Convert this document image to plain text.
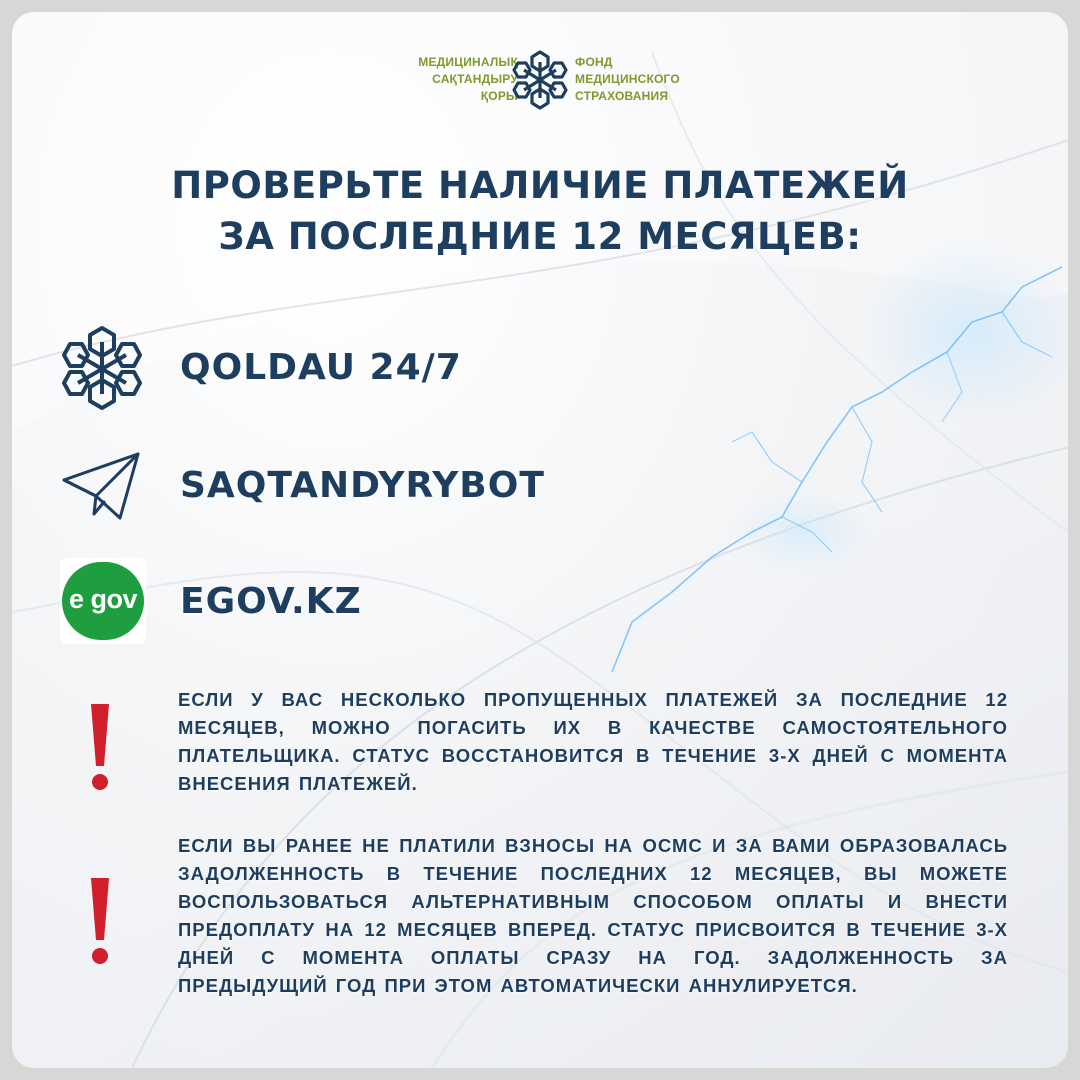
МЕДИЦИНАЛЫҚ
САҚТАНДЫРУ
ҚОРЫ
ФОНД
МЕДИЦИНСКОГО
СТРАХОВАНИЯ
ПРОВЕРЬТЕ НАЛИЧИЕ ПЛАТЕЖЕЙ
ЗА ПОСЛЕДНИЕ 12 МЕСЯЦЕВ:
QOLDAU 24/7
SAQTANDYRYBOT
e gov EGOV.KZ
ЕСЛИ У ВАС НЕСКОЛЬКО ПРОПУЩЕННЫХ ПЛАТЕЖЕЙ ЗА ПОСЛЕДНИЕ 12 МЕСЯЦЕВ, МОЖНО ПОГАСИТЬ ИХ В КАЧЕСТВЕ САМОСТОЯТЕЛЬНОГО ПЛАТЕЛЬЩИКА. СТАТУС ВОССТАНОВИТСЯ В ТЕЧЕНИЕ 3-Х ДНЕЙ С МОМЕНТА ВНЕСЕНИЯ ПЛАТЕЖЕЙ.
ЕСЛИ ВЫ РАНЕЕ НЕ ПЛАТИЛИ ВЗНОСЫ НА ОСМС И ЗА ВАМИ ОБРАЗОВАЛАСЬ ЗАДОЛЖЕННОСТЬ В ТЕЧЕНИЕ ПОСЛЕДНИХ 12 МЕСЯЦЕВ, ВЫ МОЖЕТЕ ВОСПОЛЬЗОВАТЬСЯ АЛЬТЕРНАТИВНЫМ СПОСОБОМ ОПЛАТЫ И ВНЕСТИ ПРЕДОПЛАТУ НА 12 МЕСЯЦЕВ ВПЕРЕД. СТАТУС ПРИСВОИТСЯ В ТЕЧЕНИЕ 3-Х ДНЕЙ С МОМЕНТА ОПЛАТЫ СРАЗУ НА ГОД. ЗАДОЛЖЕННОСТЬ ЗА ПРЕДЫДУЩИЙ ГОД ПРИ ЭТОМ АВТОМАТИЧЕСКИ АННУЛИРУЕТСЯ.
